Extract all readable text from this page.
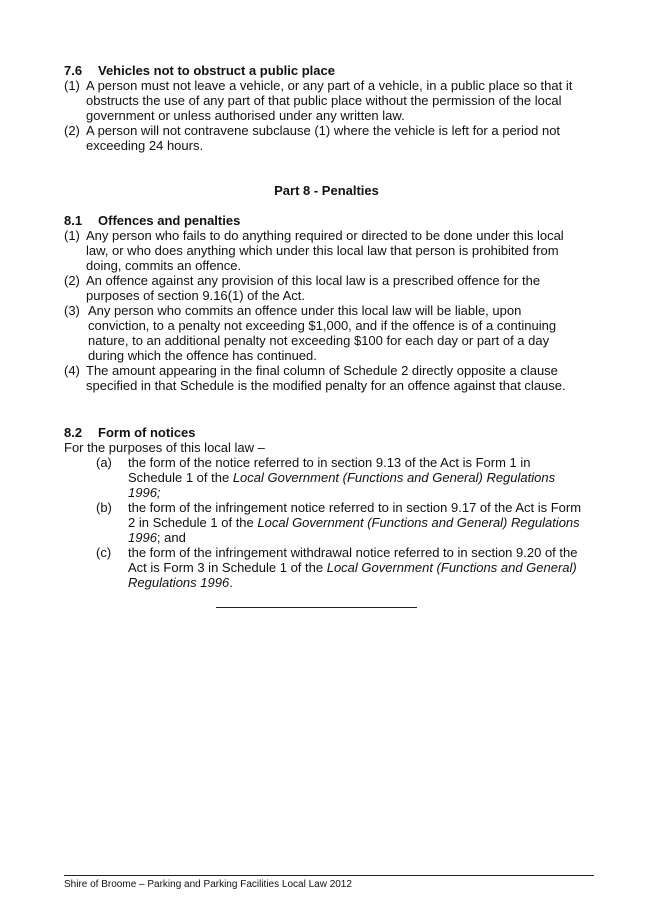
7.6 Vehicles not to obstruct a public place
(1) A person must not leave a vehicle, or any part of a vehicle, in a public place so that it obstructs the use of any part of that public place without the permission of the local government or unless authorised under any written law.
(2) A person will not contravene subclause (1) where the vehicle is left for a period not exceeding 24 hours.
Part 8 - Penalties
8.1 Offences and penalties
(1) Any person who fails to do anything required or directed to be done under this local law, or who does anything which under this local law that person is prohibited from doing, commits an offence.
(2) An offence against any provision of this local law is a prescribed offence for the purposes of section 9.16(1) of the Act.
(3) Any person who commits an offence under this local law will be liable, upon conviction, to a penalty not exceeding $1,000, and if the offence is of a continuing nature, to an additional penalty not exceeding $100 for each day or part of a day during which the offence has continued.
(4) The amount appearing in the final column of Schedule 2 directly opposite a clause specified in that Schedule is the modified penalty for an offence against that clause.
8.2 Form of notices
For the purposes of this local law –
(a) the form of the notice referred to in section 9.13 of the Act is Form 1 in Schedule 1 of the Local Government (Functions and General) Regulations 1996;
(b) the form of the infringement notice referred to in section 9.17 of the Act is Form 2 in Schedule 1 of the Local Government (Functions and General) Regulations 1996; and
(c) the form of the infringement withdrawal notice referred to in section 9.20 of the Act is Form 3 in Schedule 1 of the Local Government (Functions and General) Regulations 1996.
Shire of Broome – Parking and Parking Facilities Local Law 2012
